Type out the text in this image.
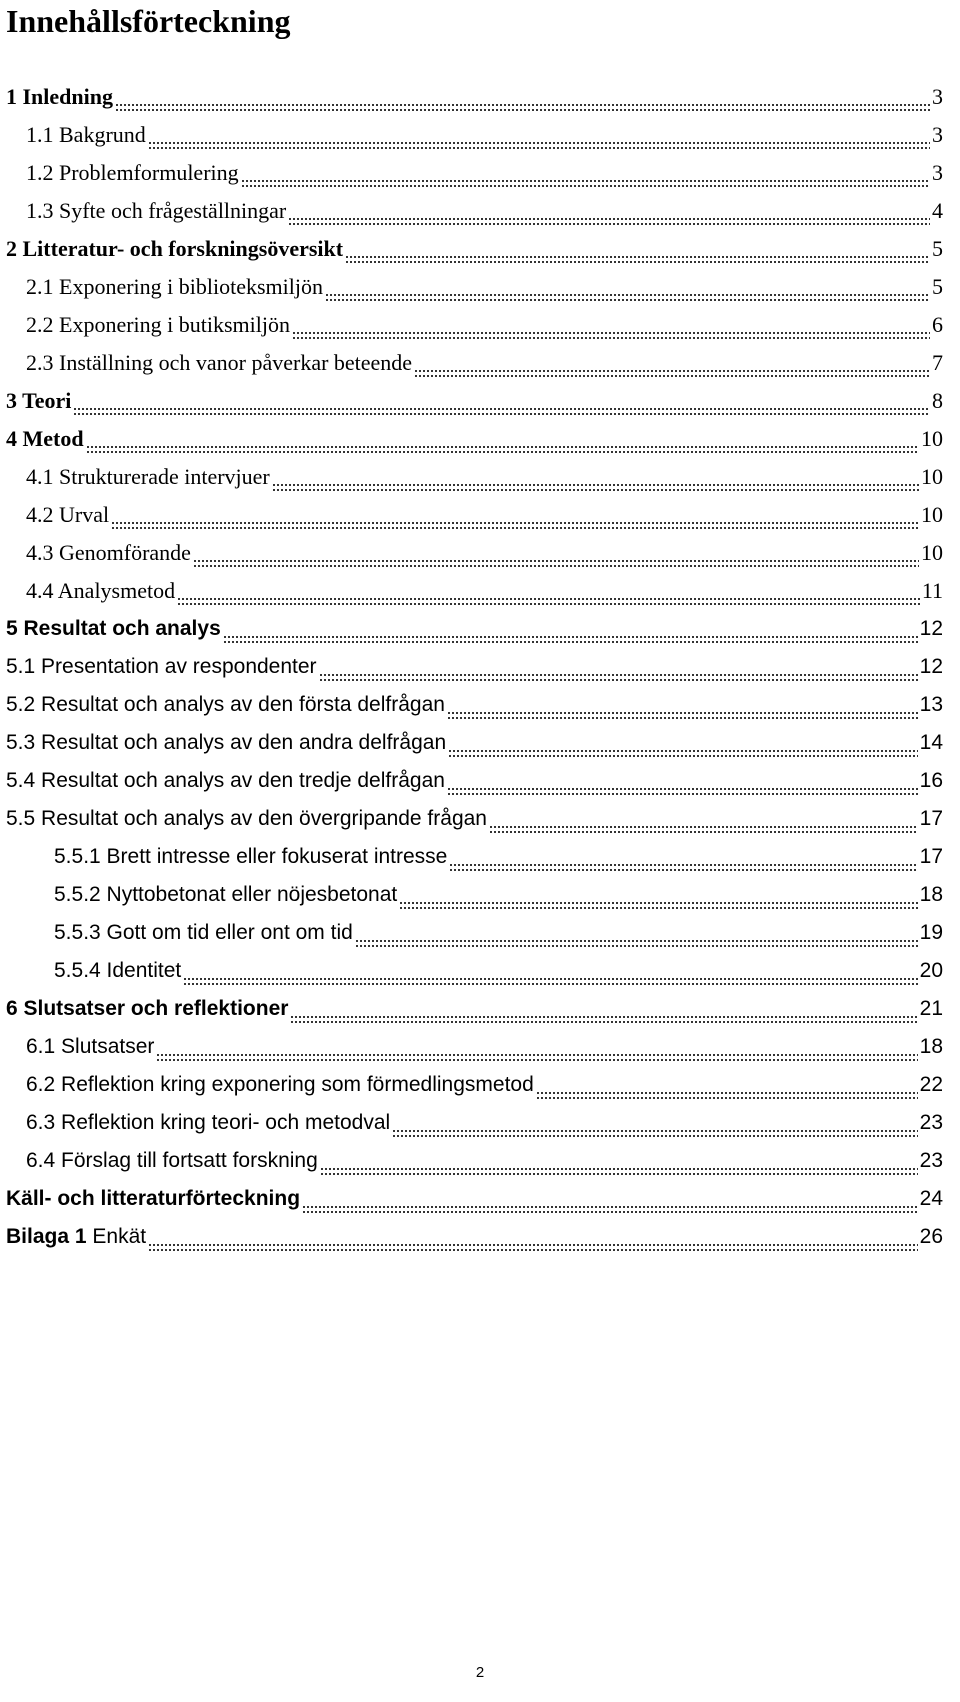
Innehållsförteckning
1 Inledning	3
1.1 Bakgrund	3
1.2 Problemformulering	3
1.3 Syfte och frågeställningar	4
2 Litteratur- och forskningsöversikt	5
2.1 Exponering i biblioteksmiljön	5
2.2 Exponering i butiksmiljön	6
2.3 Inställning och vanor påverkar beteende	7
3 Teori	8
4 Metod	10
4.1 Strukturerade intervjuer	10
4.2 Urval	10
4.3 Genomförande	10
4.4 Analysmetod	11
5 Resultat och analys	12
5.1 Presentation av respondenter	12
5.2 Resultat och analys av den första delfrågan	13
5.3 Resultat och analys av den andra delfrågan	14
5.4 Resultat och analys av den tredje delfrågan	16
5.5 Resultat och analys av den övergripande frågan	17
5.5.1 Brett intresse eller fokuserat intresse	17
5.5.2 Nyttobetonat eller nöjesbetonat	18
5.5.3 Gott om tid eller ont om tid	19
5.5.4 Identitet	20
6 Slutsatser och reflektioner	21
6.1 Slutsatser	18
6.2 Reflektion kring exponering som förmedlingsmetod	22
6.3 Reflektion kring teori- och metodval	23
6.4 Förslag till fortsatt forskning	23
Käll- och litteraturförteckning	24
Bilaga 1 Enkät	26
2
